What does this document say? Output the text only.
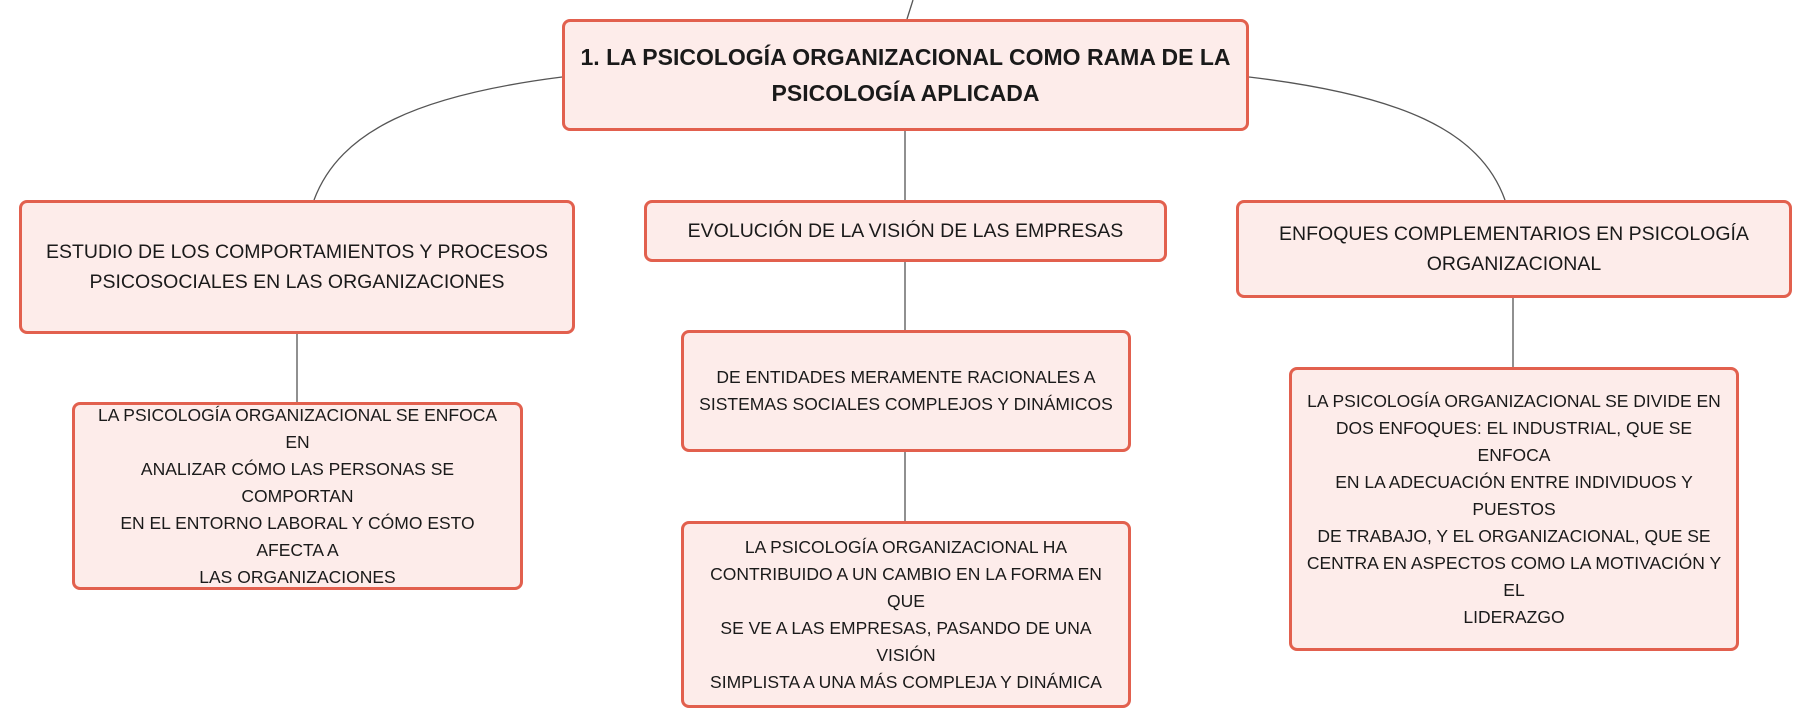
1. LA PSICOLOGÍA ORGANIZACIONAL COMO RAMA DE LA
PSICOLOGÍA APLICADA
ESTUDIO DE LOS COMPORTAMIENTOS Y PROCESOS
PSICOSOCIALES EN LAS ORGANIZACIONES
EVOLUCIÓN DE LA VISIÓN DE LAS EMPRESAS	ENFOQUES COMPLEMENTARIOS EN PSICOLOGÍA
ORGANIZACIONAL
LA PSICOLOGÍA ORGANIZACIONAL SE ENFOCA EN
ANALIZAR CÓMO LAS PERSONAS SE COMPORTAN
EN EL ENTORNO LABORAL Y CÓMO ESTO AFECTA A
LAS ORGANIZACIONES
DE ENTIDADES MERAMENTE RACIONALES A
SISTEMAS SOCIALES COMPLEJOS Y DINÁMICOS
LA PSICOLOGÍA ORGANIZACIONAL HA
CONTRIBUIDO A UN CAMBIO EN LA FORMA EN QUE
SE VE A LAS EMPRESAS, PASANDO DE UNA VISIÓN
SIMPLISTA A UNA MÁS COMPLEJA Y DINÁMICA
LA PSICOLOGÍA ORGANIZACIONAL SE DIVIDE EN
DOS ENFOQUES: EL INDUSTRIAL, QUE SE ENFOCA
EN LA ADECUACIÓN ENTRE INDIVIDUOS Y PUESTOS
DE TRABAJO, Y EL ORGANIZACIONAL, QUE SE
CENTRA EN ASPECTOS COMO LA MOTIVACIÓN Y EL
LIDERAZGO
